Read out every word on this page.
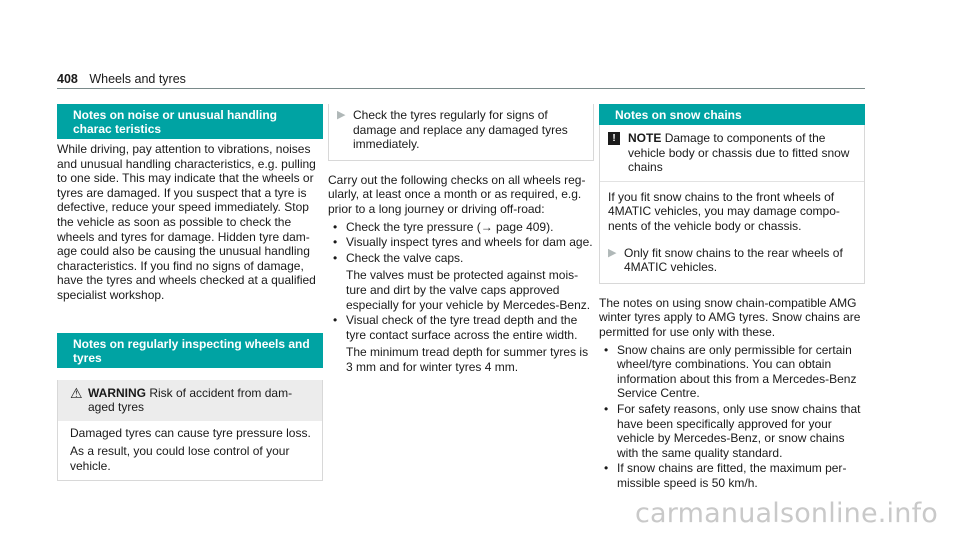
408 Wheels and tyres
Notes on noise or unusual handling charac teristics

While driving, pay attention to vibrations, noises and unusual handling characteristics, e.g. pulling to one side. This may indicate that the wheels or tyres are damaged. If you suspect that a tyre is defective, reduce your speed immediately. Stop the vehicle as soon as possible to check the wheels and tyres for damage. Hidden tyre dam age could also be causing the unusual handling characteristics. If you find no signs of damage, have the tyres and wheels checked at a qualified specialist workshop.

Notes on regularly inspecting wheels and tyres
⚠ WARNING Risk of accident from dam aged tyres

Damaged tyres can cause tyre pressure loss.

As a result, you could lose control of your vehicle.

▶ Check the tyres regularly for signs of damage and replace any damaged tyres immediately.

Carry out the following checks on all wheels reg ularly, at least once a month or as required, e.g. prior to a long journey or driving off-road:

• Check the tyre pressure (→ page 409).
• Visually inspect tyres and wheels for dam age.
• Check the valve caps.

The valves must be protected against mois ture and dirt by the valve caps approved especially for your vehicle by Mercedes-Benz.

• Visual check of the tyre tread depth and the tyre contact surface across the entire width.

The minimum tread depth for summer tyres is 3 mm and for winter tyres 4 mm.

Notes on snow chains
!	NOTE Damage to components of the vehicle body or chassis due to fitted snow chains

If you fit snow chains to the front wheels of 4MATIC vehicles, you may damage compo nents of the vehicle body or chassis.

▶ Only fit snow chains to the rear wheels of 4MATIC vehicles.

The notes on using snow chain-compatible AMG winter tyres apply to AMG tyres. Snow chains are permitted for use only with these.

• Snow chains are only permissible for certain wheel/tyre combinations. You can obtain information about this from a Mercedes-Benz Service Centre.
• For safety reasons, only use snow chains that have been specifically approved for your vehicle by Mercedes-Benz, or snow chains with the same quality standard.
• If snow chains are fitted, the maximum per missible speed is 50 km/h.
carmanualsonline.info
